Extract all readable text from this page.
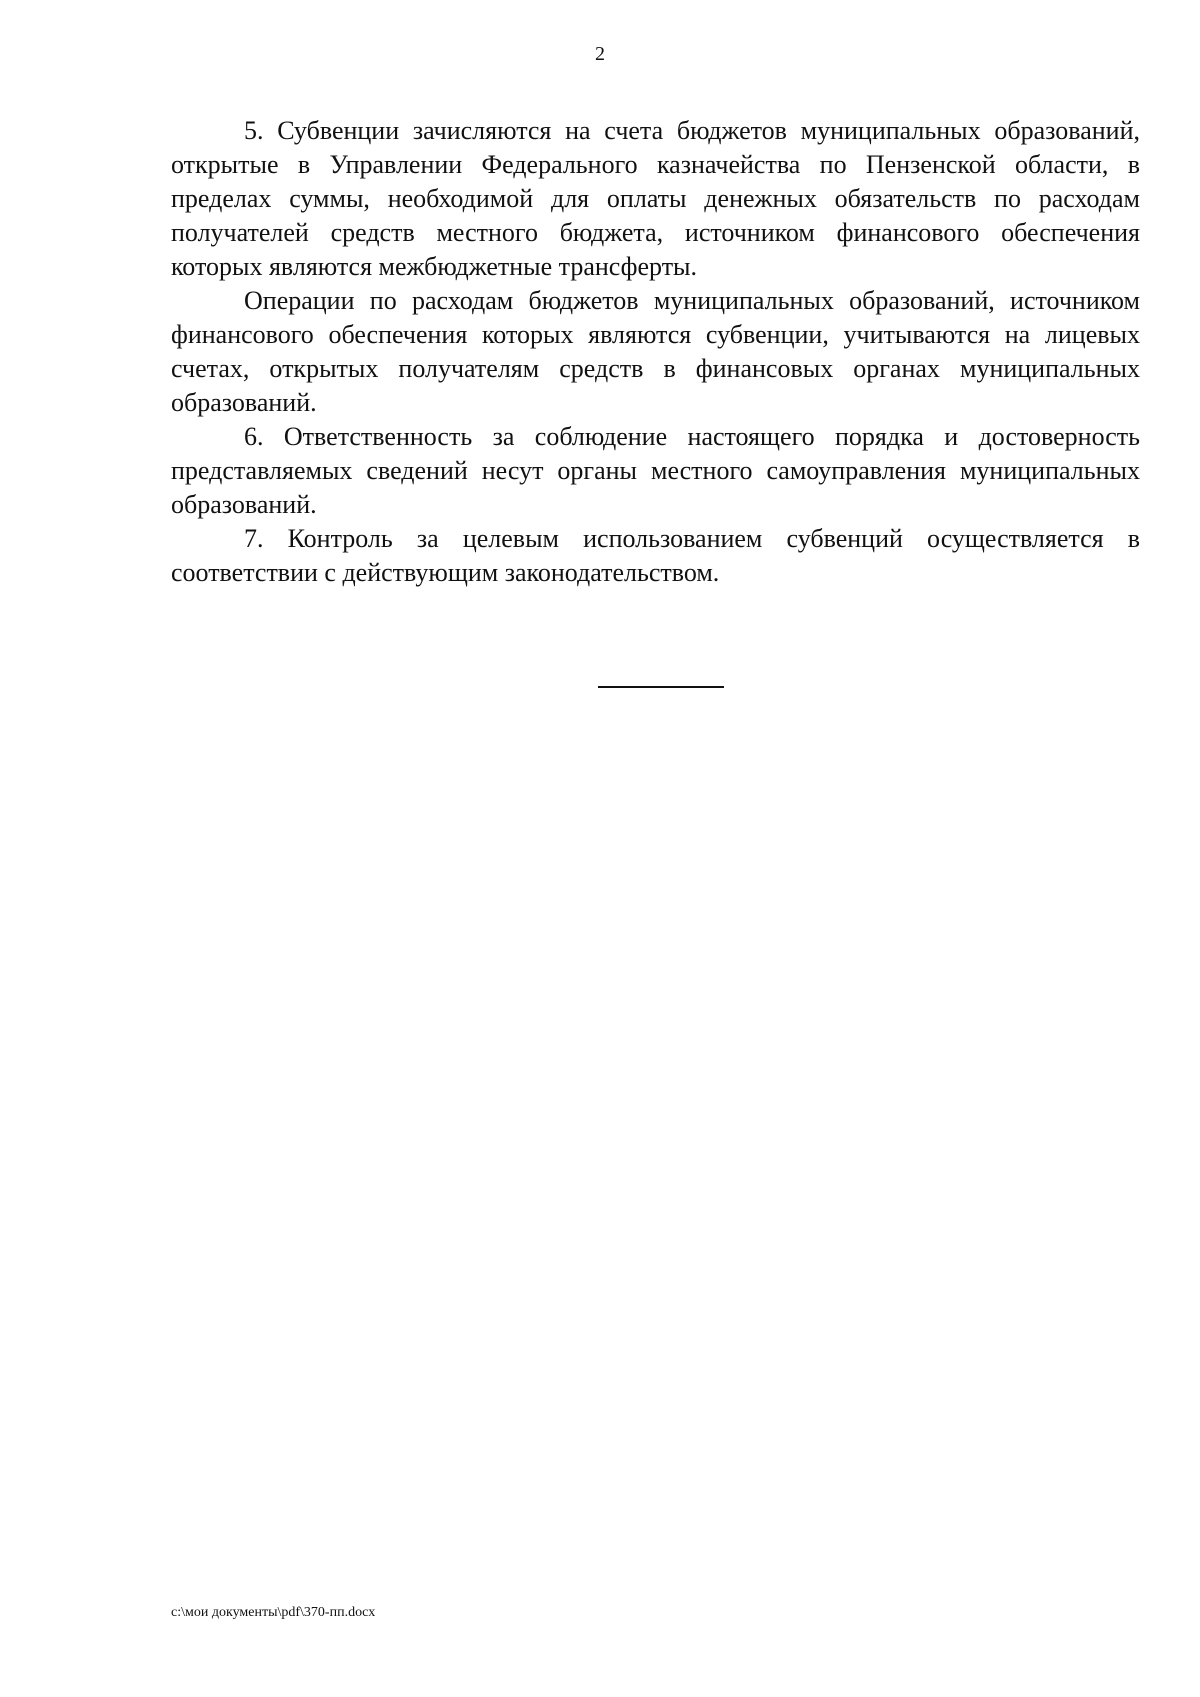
2

5. Субвенции зачисляются на счета бюджетов муниципальных образований, открытые в Управлении Федерального казначейства по Пензенской области, в пределах суммы, необходимой для оплаты денежных обязательств по расходам получателей средств местного бюджета, источником финансового обеспечения которых являются межбюджетные трансферты.

Операции по расходам бюджетов муниципальных образований, источником финансового обеспечения которых являются субвенции, учитываются на лицевых счетах, открытых получателям средств в финансовых органах муниципальных образований.

6. Ответственность за соблюдение настоящего порядка и достоверность представляемых сведений несут органы местного самоуправления муниципальных образований.

7. Контроль за целевым использованием субвенций осуществляется в соответствии с действующим законодательством.

c:\мои документы\pdf\370-пп.docx
